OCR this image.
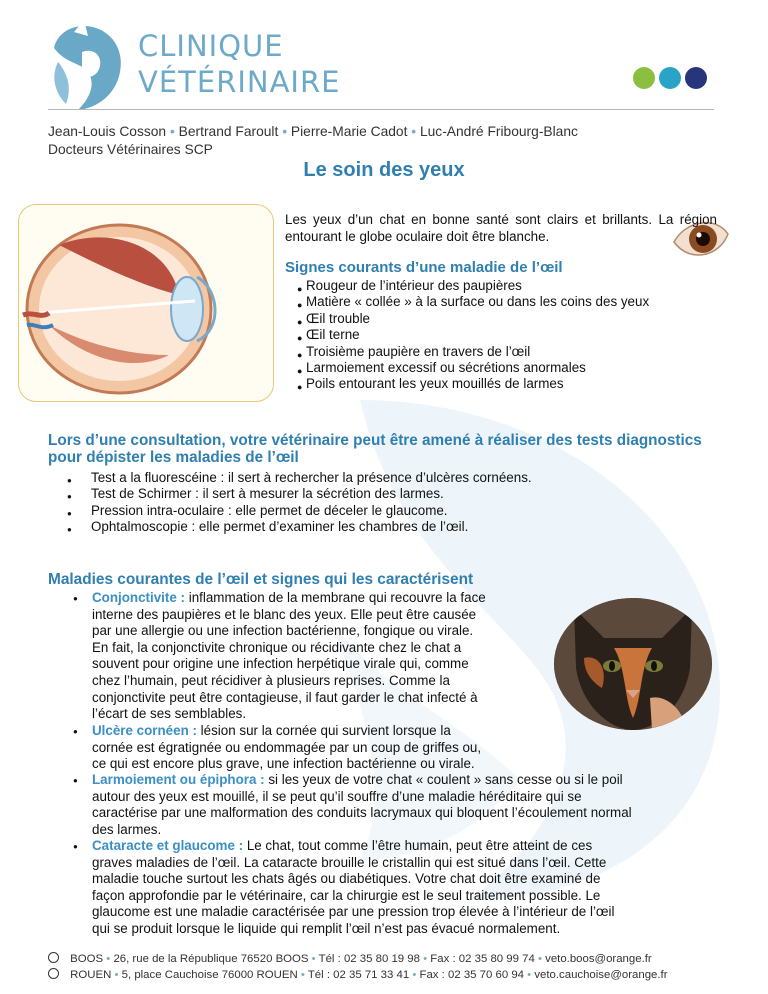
CLINIQUE
VÉTÉRINAIRE
Jean-Louis Cosson • Bertrand Faroult • Pierre-Marie Cadot • Luc-André Fribourg-Blanc
Docteurs Vétérinaires SCP
Le soin des yeux
Les yeux d’un chat en bonne santé sont clairs et brillants. La région entourant le globe oculaire doit être blanche.
Signes courants d’une maladie de l’œil
● Rougeur de l’intérieur des paupières
● Matière « collée » à la surface ou dans les coins des yeux
● Œil trouble
● Œil terne
● Troisième paupière en travers de l’œil
● Larmoiement excessif ou sécrétions anormales
● Poils entourant les yeux mouillés de larmes
Lors d’une consultation, votre vétérinaire peut être amené à réaliser des tests diagnostics pour dépister les maladies de l’œil
● Test a la fluorescéine : il sert à rechercher la présence d’ulcères cornéens.
● Test de Schirmer : il sert à mesurer la sécrétion des larmes.
● Pression intra-oculaire : elle permet de déceler le glaucome.
● Ophtalmoscopie : elle permet d’examiner les chambres de l’œil.
Maladies courantes de l’œil et signes qui les caractérisent
● Conjonctivite : inflammation de la membrane qui recouvre la face
interne des paupières et le blanc des yeux. Elle peut être causée
par une allergie ou une infection bactérienne, fongique ou virale.
En fait, la conjonctivite chronique ou récidivante chez le chat a
souvent pour origine une infection herpétique virale qui, comme
chez l’humain, peut récidiver à plusieurs reprises. Comme la
conjonctivite peut être contagieuse, il faut garder le chat infecté à
l’écart de ses semblables.
● Ulcère cornéen : lésion sur la cornée qui survient lorsque la
cornée est égratignée ou endommagée par un coup de griffes ou,
ce qui est encore plus grave, une infection bactérienne ou virale.
● Larmoiement ou épiphora : si les yeux de votre chat « coulent » sans cesse ou si le poil
autour des yeux est mouillé, il se peut qu’il souffre d’une maladie héréditaire qui se
caractérise par une malformation des conduits lacrymaux qui bloquent l’écoulement normal
des larmes.
● Cataracte et glaucome : Le chat, tout comme l’être humain, peut être atteint de ces
graves maladies de l’œil. La cataracte brouille le cristallin qui est situé dans l’œil. Cette
maladie touche surtout les chats âgés ou diabétiques. Votre chat doit être examiné de
façon approfondie par le vétérinaire, car la chirurgie est le seul traitement possible. Le
glaucome est une maladie caractérisée par une pression trop élevée à l’intérieur de l’œil
qui se produit lorsque le liquide qui remplit l’œil n’est pas évacué normalement.
BOOS • 26, rue de la République 76520 BOOS • Tél : 02 35 80 19 98 • Fax : 02 35 80 99 74 • veto.boos@orange.fr
ROUEN • 5, place Cauchoise 76000 ROUEN • Tél : 02 35 71 33 41 • Fax : 02 35 70 60 94 • veto.cauchoise@orange.fr
